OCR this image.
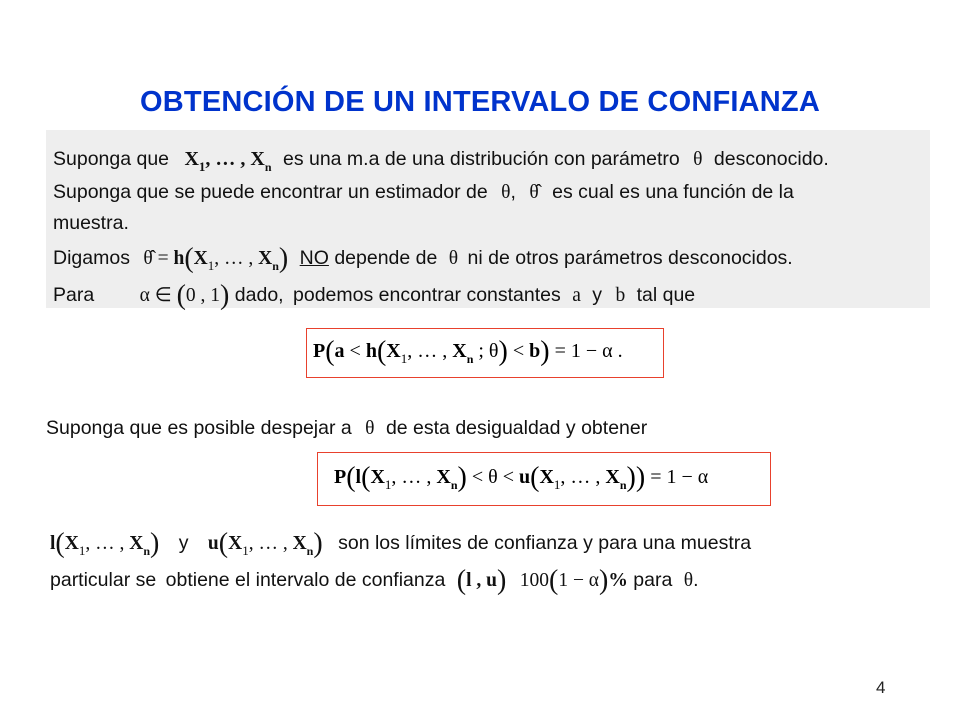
OBTENCIÓN DE UN INTERVALO DE CONFIANZA
Suponga que $X_1$, … , $X_n$ es una m.a de una distribución con parámetro θ desconocido.
Suponga que se puede encontrar un estimador de θ, θ̂ es cual es una función de la
muestra.
Digamos θ̂ = $h(X_1$, … , $X_n$) NO depende de θ ni de otros parámetros desconocidos.
Para α ∈ (0 , 1) dado, podemos encontrar constantes a y b tal que
$P(a < h(X_1$, … , $X_n$ ; θ) < b) = 1 − α .
Suponga que es posible despejar a θ de esta desigualdad y obtener
$P(l(X_1$, … , $X_n) < \theta < u(X_1$, … , $X_n)) = 1 - \alpha$
$l(X_1$, … , $X_n$) y $u(X_1$, … , $X_n$) son los límites de confianza y para una muestra
particular se obtiene el intervalo de confianza (l , u) 100(1 − α)% para θ.
4
